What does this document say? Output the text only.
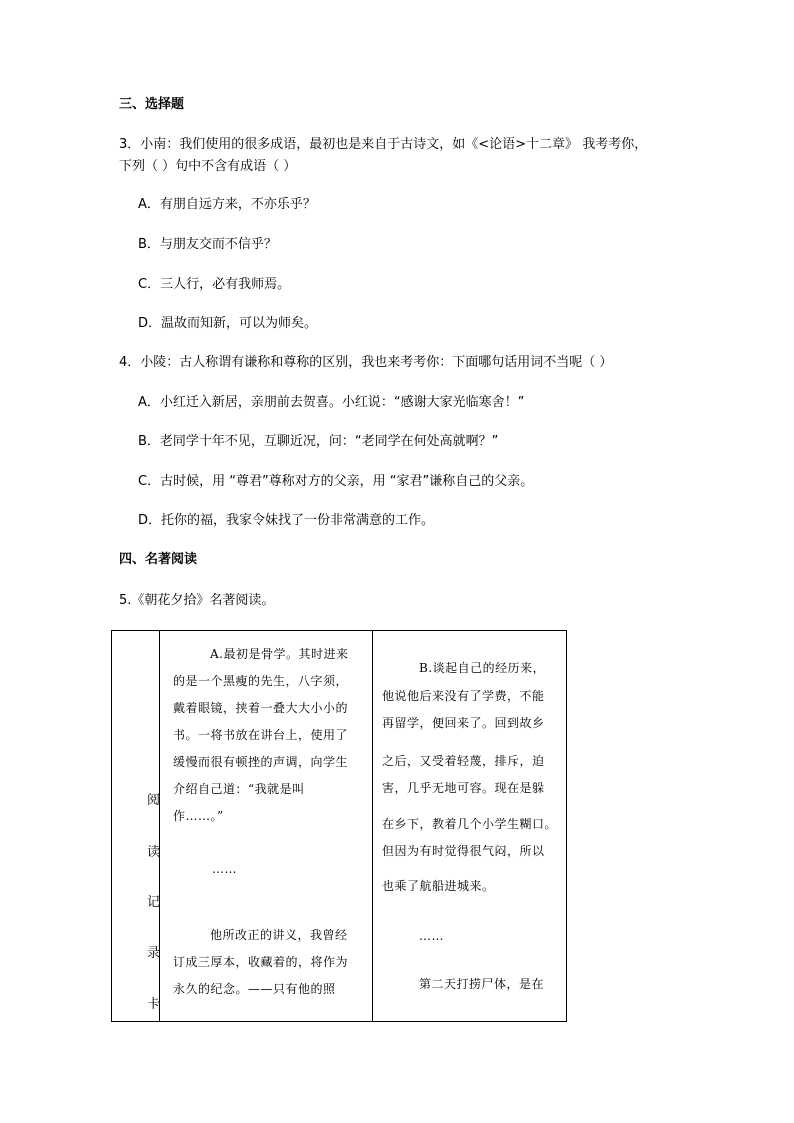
三、选择题
3．小南：我们使用的很多成语，最初也是来自于古诗文，如《<论语>十二章》 我考考你，
下列（ ）句中不含有成语（ ）
A．有朋自远方来，不亦乐乎？
B．与朋友交而不信乎？
C．三人行，必有我师焉。
D．温故而知新，可以为师矣。
4．小陵：古人称谓有谦称和尊称的区别，我也来考考你：下面哪句话用词不当呢（ ）
A．小红迁入新居，亲朋前去贺喜。小红说：“感谢大家光临寒舍！”
B．老同学十年不见，互聊近况，问：“老同学在何处高就啊？”
C．古时候，用 “尊君”尊称对方的父亲，用 “家君”谦称自己的父亲。
D．托你的福，我家令妹找了一份非常满意的工作。
四、名著阅读
5.《朝花夕拾》名著阅读。
阅
读
记
录
卡
A.最初是骨学。其时进来
的是一个黑瘦的先生，八字须，
戴着眼镜，挟着一叠大大小小的
书。一将书放在讲台上，使用了
缓慢而很有顿挫的声调，向学生
介绍自己道：“我就是叫
作……。”
……
他所改正的讲义，我曾经
订成三厚本，收藏着的，将作为
永久的纪念。——只有他的照
B.谈起自己的经历来，
他说他后来没有了学费，不能
再留学，便回来了。回到故乡
之后，又受着轻蔑，排斥，迫
害，几乎无地可容。现在是躲
在乡下，教着几个小学生糊口。
但因为有时觉得很气闷，所以
也乘了航船进城来。
……
第二天打捞尸体，是在
